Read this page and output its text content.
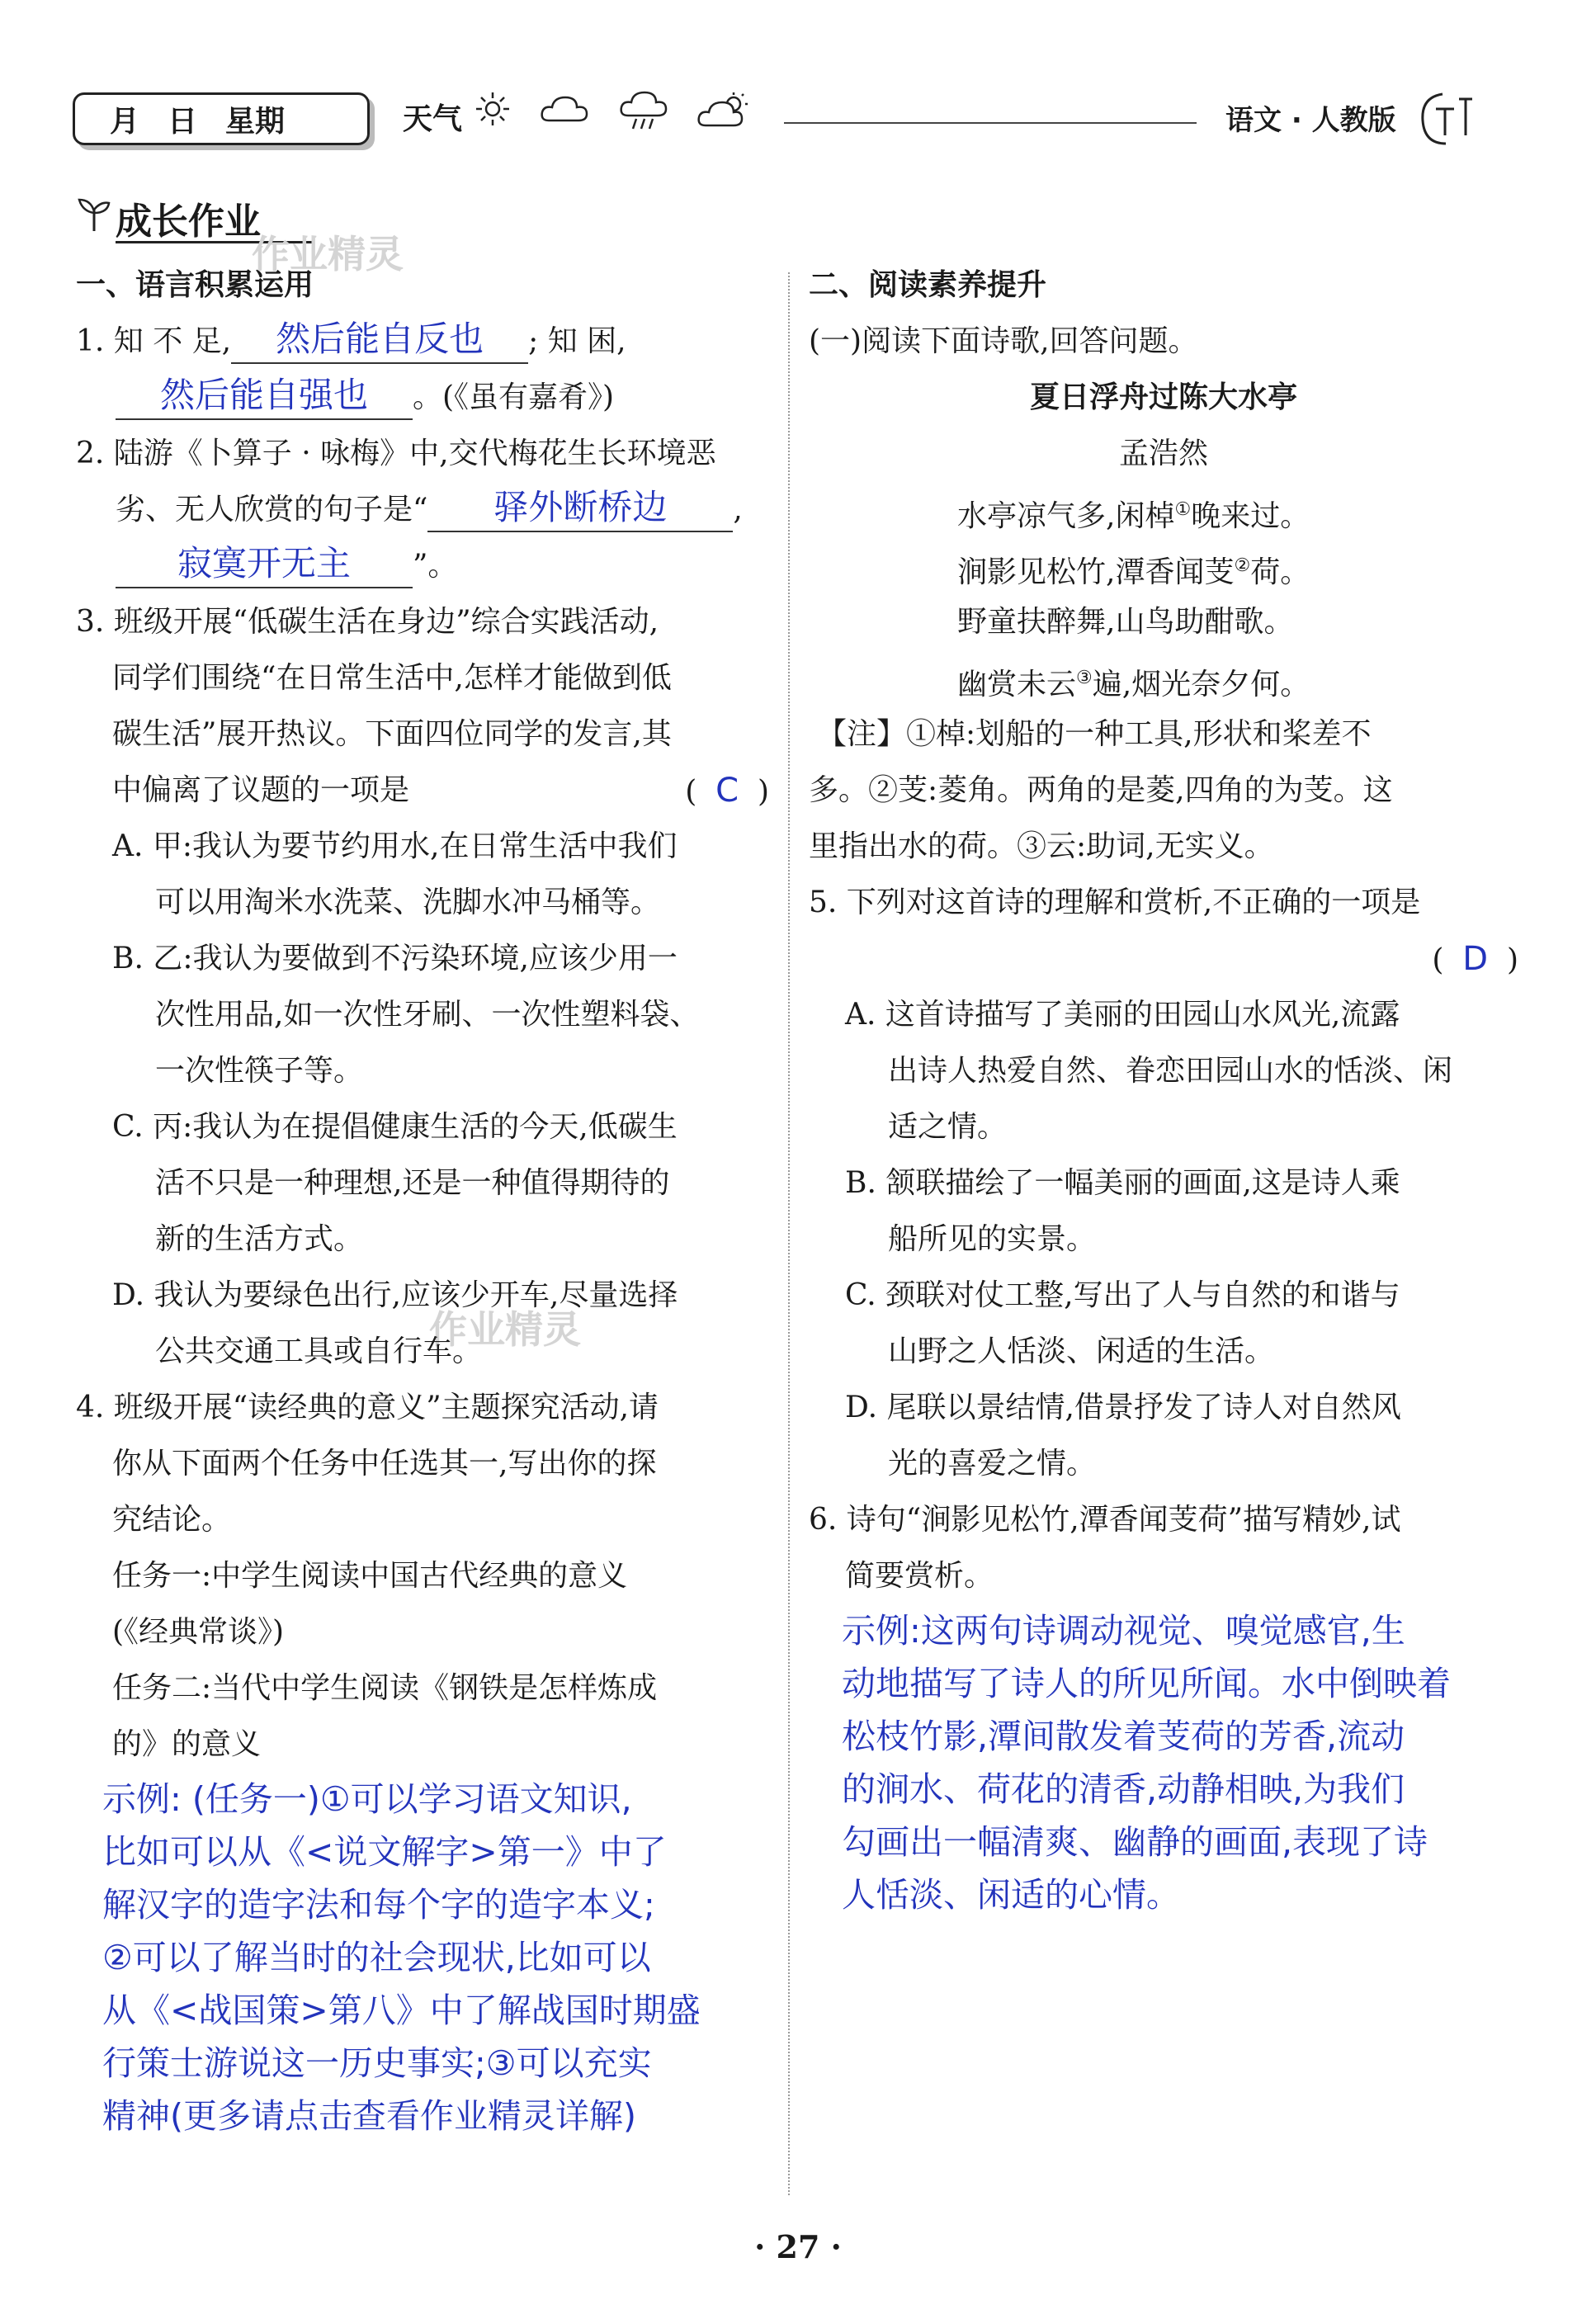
月 日 星期	天气	语文 · 人教版
成长作业
作业精灵
作业精灵
一、语言积累运用
1. 知 不 足, 然后能自反也 ; 知 困,
然后能自强也 。(《虽有嘉肴》)
2. 陆游《卜算子 · 咏梅》中,交代梅花生长环境恶
劣、无人欣赏的句子是“ 驿外断桥边 ,
寂寞开无主 ”。
3. 班级开展“低碳生活在身边”综合实践活动,
同学们围绕“在日常生活中,怎样才能做到低
碳生活”展开热议。下面四位同学的发言,其
中偏离了议题的一项是	(  C  )
A. 甲:我认为要节约用水,在日常生活中我们
可以用淘米水洗菜、洗脚水冲马桶等。
B. 乙:我认为要做到不污染环境,应该少用一
次性用品,如一次性牙刷、一次性塑料袋、
一次性筷子等。
C. 丙:我认为在提倡健康生活的今天,低碳生
活不只是一种理想,还是一种值得期待的
新的生活方式。
D. 我认为要绿色出行,应该少开车,尽量选择
公共交通工具或自行车。
4. 班级开展“读经典的意义”主题探究活动,请
你从下面两个任务中任选其一,写出你的探
究结论。
任务一:中学生阅读中国古代经典的意义
(《经典常谈》)
任务二:当代中学生阅读《钢铁是怎样炼成
的》的意义
示例: (任务一)①可以学习语文知识,
比如可以从《<说文解字>第一》中了
解汉字的造字法和每个字的造字本义;
②可以了解当时的社会现状,比如可以
从《<战国策>第八》中了解战国时期盛
行策士游说这一历史事实;③可以充实
精神(更多请点击查看作业精灵详解)
二、阅读素养提升
(一)阅读下面诗歌,回答问题。
夏日浮舟过陈大水亭
孟浩然
水亭凉气多,闲棹①晚来过。
涧影见松竹,潭香闻芰②荷。
野童扶醉舞,山鸟助酣歌。
幽赏未云③遍,烟光奈夕何。
【注】①棹:划船的一种工具,形状和桨差不
多。②芰:菱角。两角的是菱,四角的为芰。这
里指出水的荷。③云:助词,无实义。
5. 下列对这首诗的理解和赏析,不正确的一项是
(  D  )
A. 这首诗描写了美丽的田园山水风光,流露
出诗人热爱自然、眷恋田园山水的恬淡、闲
适之情。
B. 颔联描绘了一幅美丽的画面,这是诗人乘
船所见的实景。
C. 颈联对仗工整,写出了人与自然的和谐与
山野之人恬淡、闲适的生活。
D. 尾联以景结情,借景抒发了诗人对自然风
光的喜爱之情。
6. 诗句“涧影见松竹,潭香闻芰荷”描写精妙,试
简要赏析。
示例:这两句诗调动视觉、嗅觉感官,生
动地描写了诗人的所见所闻。水中倒映着
松枝竹影,潭间散发着芰荷的芳香,流动
的涧水、荷花的清香,动静相映,为我们
勾画出一幅清爽、幽静的画面,表现了诗
人恬淡、闲适的心情。
· 27 ·
